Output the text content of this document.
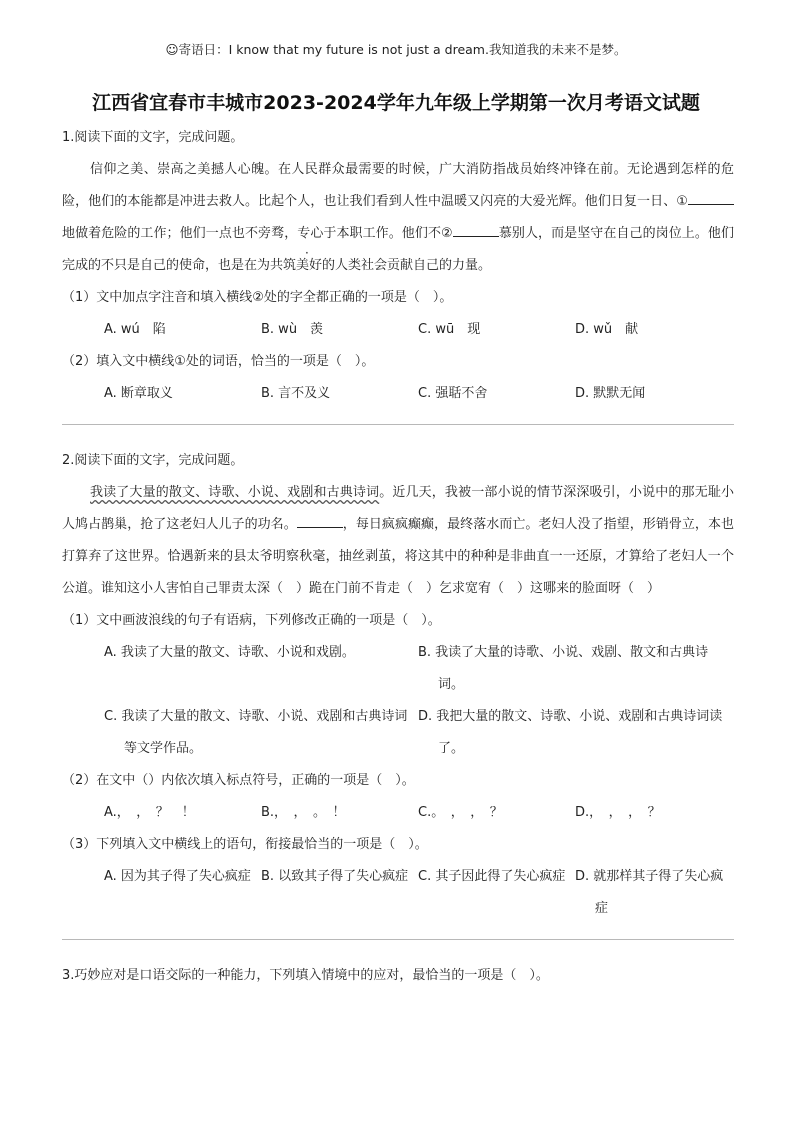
☺寄语日：I know that my future is not just a dream.我知道我的未来不是梦。
江西省宜春市丰城市2023-2024学年九年级上学期第一次月考语文试题
1.阅读下面的文字，完成问题。
信仰之美、崇高之美撼人心魄。在人民群众最需要的时候，广大消防指战员始终冲锋在前。无论遇到怎样的危险，他们的本能都是冲进去救人。比起个人，也让我们看到人性中温暖又闪亮的大爱光辉。他们日复一日、①地做着危险的工作；他们一点也不旁骛 ·，专心于本职工作。他们不②	慕别人，而是坚守在自己的岗位上。他们完成的不只是自己的使命，也是在为共筑美好的人类社会贡献自己的力量。
（1）文中加点字注音和填入横线②处的字全都正确的一项是（　）。
A. wú　陷	B. wù　羡	C. wū　现	D. wǔ　献
（2）填入文中横线①处的词语，恰当的一项是（　）。
A. 断章取义	B. 言不及义	C. 强聒不舍	D. 默默无闻
2.阅读下面的文字，完成问题。
我读了大量的散文、诗歌、小说、戏剧和古典诗词。近几天，我被一部小说的情节深深吸引，小说中的那无耻小人鸠占鹊巢，抢了这老妇人儿子的功名。	，每日疯疯癫癫，最终落水而亡。老妇人没了指望，形销骨立，本也打算弃了这世界。恰遇新来的县太爷明察秋毫，抽丝剥茧，将这其中的种种是非曲直一一还原，才算给了老妇人一个公道。谁知这小人害怕自己罪责太深（　）跪在门前不肯走（　）乞求宽宥（　）这哪来的脸面呀（　）
（1）文中画波浪线的句子有语病，下列修改正确的一项是（　）。
A. 我读了大量的散文、诗歌、小说和戏剧。	B. 我读了大量的诗歌、小说、戏剧、散文和古典诗词。
C. 我读了大量的散文、诗歌、小说、戏剧和古典诗词等文学作品。
D. 我把大量的散文、诗歌、小说、戏剧和古典诗词读了。
（2）在文中（）内依次填入标点符号，正确的一项是（　）。
A.，　，　？　！	B.，　，　。　！	C.。　，　，　？	D.，　，　，　？
（3）下列填入文中横线上的语句，衔接最恰当的一项是（　）。
A. 因为其子得了失心疯症 B. 以致其子得了失心疯症 C. 其子因此得了失心疯症 D. 就那样其子得了失心疯症
3.巧妙应对是口语交际的一种能力，下列填入情境中的应对，最恰当的一项是（　）。
